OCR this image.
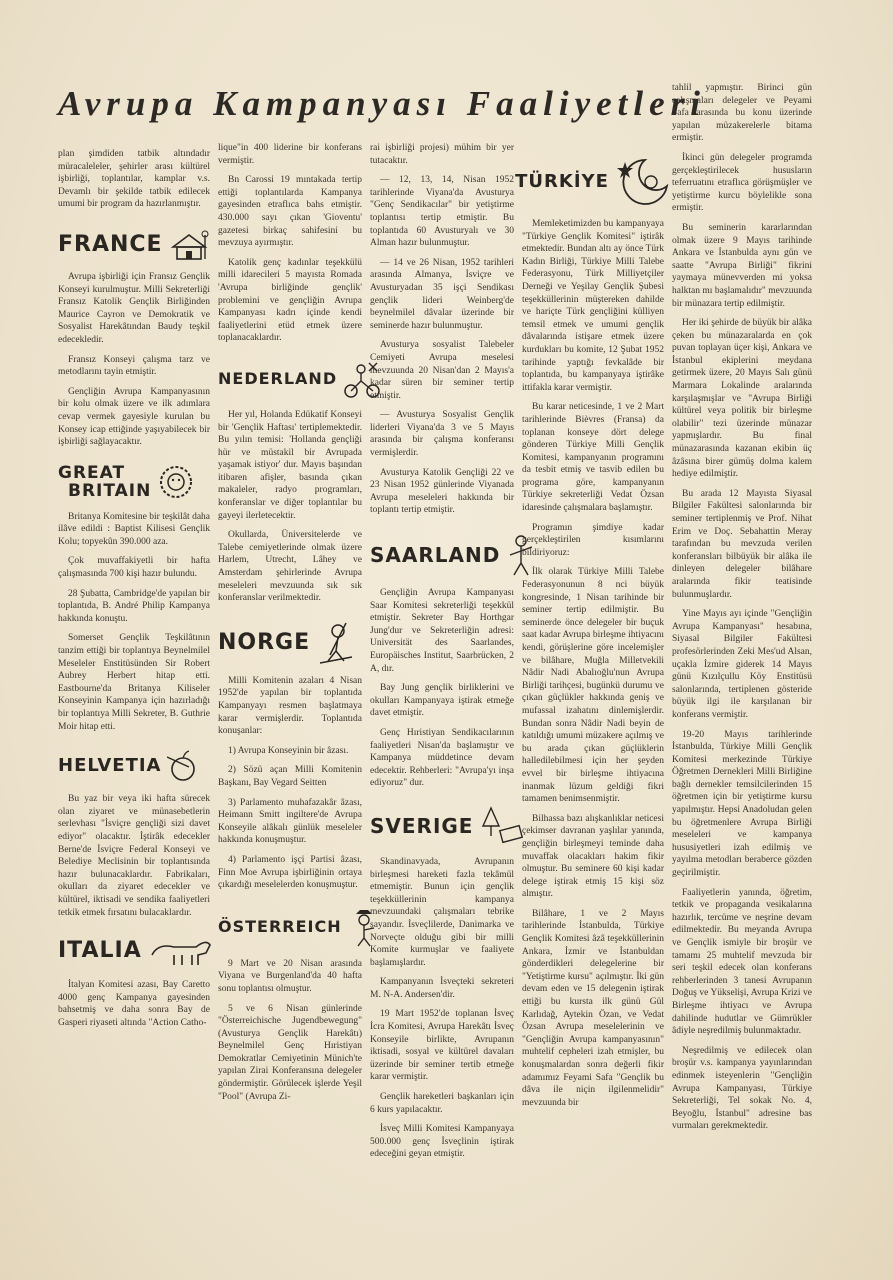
Avrupa Kampanyası Faaliyetleri

plan şimdiden tatbik altındadır müracaleleler, şehirler arası kültürel işbirliği, toplantılar, kamplar v.s. Devamlı bir şekilde tatbik edilecek umumi bir program da hazırlanmıştır.

FRANCE

Avrupa işbirliği için Fransız Gençlik Konseyi kurulmuştur. Milli Sekreterliği Fransız Katolik Gençlik Birliğinden Maurice Cayron ve Demokratik ve Sosyalist Harekâtından Baudy teşkil edecekledir.

Fransız Konseyi çalışma tarz ve metodlarını tayin etmiştir.

Gençliğin Avrupa Kampanyasının bir kolu olmak üzere ve ilk adımlara cevap vermek gayesiyle kurulan bu Konsey icap ettiğinde yaşıyabilecek bir işbirliği sağlayacaktır.

GREAT
BRITAIN

Britanya Komitesine bir teşkilât daha ilâve edildi : Baptist Kilisesi Gençlik Kolu; topyekûn 390.000 aza.

Çok muvaffakiyetli bir hafta çalışmasında 700 kişi hazır bulundu.

28 Şubatta, Cambridge'de yapılan bir toplantıda, B. André Philip Kampanya hakkında konuştu.

Somerset Gençlik Teşkilâtının tanzim ettiği bir toplantıya Beynelmilel Meseleler Enstitüsünden Sir Robert Aubrey Herbert hitap etti. Eastbourne'da Britanya Kiliseler Konseyinin Kampanya için hazırladığı bir toplantıya Milli Sekreter, B. Guthrie Moir hitap etti.

HELVETIA

Bu yaz bir veya iki hafta sürecek olan ziyaret ve münasebetlerin serlevhası "İsviçre gençliği sizi davet ediyor" olacaktır. İştirâk edecekler Berne'de İsviçre Federal Konseyi ve Belediye Meclisinin bir toplantısında hazır bulunacaklardır. Fabrikaları, okulları da ziyaret edecekler ve kültürel, iktisadi ve sendika faaliyetleri tetkik etmek fırsatını bulacaklardır.

ITALIA

İtalyan Komitesi azası, Bay Caretto 4000 genç Kampanya gayesinden bahsetmiş ve daha sonra Bay de Gasperi riyaseti altında "Action Catho-

lique"in 400 liderine bir konferans vermiştir.

Bn Carossi 19 mıntakada tertip ettiği toplantılarda Kampanya gayesinden etraflıca bahs etmiştir. 430.000 sayı çıkan 'Gioventu' gazetesi birkaç sahifesini bu mevzuya ayırmıştır.

Katolik genç kadınlar teşekkülü milli idarecileri 5 mayısta Romada 'Avrupa birliğinde gençlik' problemini ve gençliğin Avrupa Kampanyası kadrı içinde kendi faaliyetlerini etüd etmek üzere toplanacaklardır.

NEDERLAND

Her yıl, Holanda Edükatif Konseyi bir 'Gençlik Haftası' tertiplemektedir. Bu yılın temisi: 'Hollanda gençliği hür ve müstakil bir Avrupada yaşamak istiyor' dur. Mayıs başından itibaren afişler, basında çıkan makaleler, radyo programları, konferanslar ve diğer toplantılar bu gayeyi ilerletecektir.

Okullarda, Üniversitelerde ve Talebe cemiyetlerinde olmak üzere Harlem, Utrecht, Lâhey ve Amsterdam şehirlerinde Avrupa meseleleri mevzuunda sık sık konferanslar verilmektedir.

NORGE

Milli Komitenin azaları 4 Nisan 1952'de yapılan bir toplantıda Kampanyayı resmen başlatmaya karar vermişlerdir. Toplantıda konuşanlar:

1) Avrupa Konseyinin bir âzası.

2) Sözü açan Milli Komitenin Başkanı, Bay Vegard Seitten

3) Parlamento muhafazakâr âzası, Heimann Smitt ingiltere'de Avrupa Konseyile alâkalı günlük meseleler hakkında konuşmuştur.

4) Parlamento işçi Partisi âzası, Finn Moe Avrupa işbirliğinin ortaya çıkardığı meselelerden konuşmuştur.

ÖSTERREICH

9 Mart ve 20 Nisan arasında Viyana ve Burgenland'da 40 hafta sonu toplantısı olmuştur.

5 ve 6 Nisan günlerinde "Österreichische Jugendbewegung" (Avusturya Gençlik Harekâtı) Beynelmilel Genç Hıristiyan Demokratlar Cemiyetinin Münich'te yapılan Zirai Konferansına delegeler göndermiştir. Görülecek işlerde Yeşil "Pool" (Avrupa Zi-

rai işbirliği projesi) mühim bir yer tutacaktır.

— 12, 13, 14, Nisan 1952 tarihlerinde Viyana'da Avusturya "Genç Sendikacılar" bir yetiştirme toplantısı tertip etmiştir. Bu toplantıda 60 Avusturyalı ve 30 Alman hazır bulunmuştur.

— 14 ve 26 Nisan, 1952 tarihleri arasında Almanya, İsviçre ve Avusturyadan 35 işçi Sendikası gençlik lideri Weinberg'de beynelmilel dâvalar üzerinde bir seminerde hazır bulunmuştur.

Avusturya sosyalist Talebeler Cemiyeti Avrupa meselesi mevzuunda 20 Nisan'dan 2 Mayıs'a kadar süren bir seminer tertip etmiştir.

— Avusturya Sosyalist Gençlik liderleri Viyana'da 3 ve 5 Mayıs arasında bir çalışma konferansı vermişlerdir.

Avusturya Katolik Gençliği 22 ve 23 Nisan 1952 günlerinde Viyanada Avrupa meseleleri hakkında bir toplantı tertip etmiştir.

SAARLAND

Gençliğin Avrupa Kampanyası Saar Komitesi sekreterliği teşekkül etmiştir. Sekreter Bay Horthgar Jung'dur ve Sekreterliğin adresi: Universität des Saarlandes, Europäisches Institut, Saarbrücken, 2 A, dır.

Bay Jung gençlik birliklerini ve okulları Kampanyaya iştirak etmeğe davet etmiştir.

Genç Hıristiyan Sendikacılarının faaliyetleri Nisan'da başlamıştır ve Kampanya müddetince devam edecektir. Rehberleri: "Avrupa'yı inşa ediyoruz" dur.

SVERIGE

Skandinavyada, Avrupanın birleşmesi hareketi fazla tekâmül etmemiştir. Bunun için gençlik teşekküllerinin kampanya mevzuundaki çalışmaları tebrike şayandır. İsveçlilerde, Danimarka ve Norveçte olduğu gibi bir milli Komite kurmuşlar ve faaliyete başlamışlardır.

Kampanyanın İsveçteki sekreteri M. N-A. Andersen'dir.

19 Mart 1952'de toplanan İsveç İcra Komitesi, Avrupa Harekâtı İsveç Konseyile birlikte, Avrupanın iktisadi, sosyal ve kültürel davaları üzerinde bir seminer tertib etmeğe karar vermiştir.

Gençlik hareketleri başkanları için 6 kurs yapılacaktır.

İsveç Milli Komitesi Kampanyaya 500.000 genç İsveçlinin iştirak edeceğini geyan etmiştir.

TÜRKİYE

Memleketimizden bu kampanyaya "Türkiye Gençlik Komitesi" iştirâk etmektedir. Bundan altı ay önce Türk Kadın Birliği, Türkiye Milli Talebe Federasyonu, Türk Milliyetçiler Derneği ve Yeşilay Gençlik Şubesi teşekküllerinin müştereken dahilde ve hariçte Türk gençliğini külliyen temsil etmek ve umumi gençlik dâvalarında istişare etmek üzere kurdukları bu komite, 12 Şubat 1952 tarihinde yaptığı fevkalâde bir toplantıda, bu kampanyaya iştirâke ittifakla karar vermiştir.

Bu karar neticesinde, 1 ve 2 Mart tarihlerinde Bièvres (Fransa) da toplanan konseye dört delege gönderen Türkiye Milli Gençlik Komitesi, kampanyanın programını da tesbit etmiş ve tasvib edilen bu programa göre, kampanyanın Türkiye sekreterliği Vedat Özsan idaresinde çalışmalara başlamıştır.

Programın şimdiye kadar gerçekleştirilen kısımlarını bildiriyoruz:

İlk olarak Türkiye Milli Talebe Federasyonunun 8 nci büyük kongresinde, 1 Nisan tarihinde bir seminer tertip edilmiştir. Bu seminerde önce delegeler bir buçuk saat kadar Avrupa birleşme ihtiyacını kendi, görüşlerine göre incelemişler ve bilâhare, Muğla Milletvekili Nâdir Nadi Abalıoğlu'nun Avrupa Birliği tarihçesi, bugünkü durumu ve çıkan güçlükler hakkında geniş ve mufassal izahatını dinlemişlerdir. Bundan sonra Nâdir Nadi beyin de katıldığı umumi müzakere açılmış ve bu arada çıkan güçlüklerin halledilebilmesi için her şeyden evvel bir birleşme ihtiyacına inanmak lüzum geldiği fikri tamamen benimsenmiştir.

Bilhassa bazı alışkanlıklar neticesi çekimser davranan yaşlılar yanında, gençliğin birleşmeyi teminde daha muvaffak olacakları hakim fikir olmuştur. Bu seminere 60 kişi kadar delege iştirak etmiş 15 kişi söz almıştır.

Bilâhare, 1 ve 2 Mayıs tarihlerinde İstanbulda, Türkiye Gençlik Komitesi âzâ teşekküllerinin Ankara, İzmir ve İstanbuldan gönderdikleri delegelerine bir "Yetiştirme kursu" açılmıştır. İki gün devam eden ve 15 delegenin iştirak ettiği bu kursta ilk günü Gül Karlıdağ, Aytekin Özan, ve Vedat Özsan Avrupa meselelerinin ve "Gençliğin Avrupa kampanyasının" muhtelif cepheleri izah etmişler, bu konuşmalardan sonra değerli fikir adamımız Feyami Safa "Gençlik bu dâva ile niçin ilgilenmelidir" mevzuunda bir

tahlil yapmıştır. Birinci gün çalışmaları delegeler ve Peyami Safa arasında bu konu üzerinde yapılan müzakerelerle bitama ermiştir.

İkinci gün delegeler programda gerçekleştirilecek hususların teferruatını etraflıca görüşmüşler ve yetiştirme kurcu böylelikle sona ermiştir.

Bu seminerin kararlarından olmak üzere 9 Mayıs tarihinde Ankara ve İstanbulda aynı gün ve saatte "Avrupa Birliği" fikrini yaymaya münevverden mi yoksa halktan mı başlamalıdır" mevzuunda bir münazara tertip edilmiştir.

Her iki şehirde de büyük bir alâka çeken bu münazaralarda en çok puvan toplayan üçer kişi, Ankara ve İstanbul ekiplerini meydana getirmek üzere, 20 Mayıs Salı günü Marmara Lokalinde aralarında karşılaşmışlar ve "Avrupa Birliği kültürel veya politik bir birleşme olabilir" tezi üzerinde münazar yapmışlardır. Bu final münazarasında kazanan ekibin üç âzâsına birer gümüş dolma kalem hediye edilmiştir.

Bu arada 12 Mayısta Siyasal Bilgiler Fakültesi salonlarında bir seminer tertiplenmiş ve Prof. Nihat Erim ve Doç. Sebahattin Meray tarafından bu mevzuda verilen konferansları bilbüyük bir alâka ile dinleyen delegeler bilâhare aralarında fikir teatisinde bulunmuşlardır.

Yine Mayıs ayı içinde "Gençliğin Avrupa Kampanyası" hesabına, Siyasal Bilgiler Fakültesi profesörlerinden Zeki Mes'ud Alsan, uçakla İzmire giderek 14 Mayıs günü Kızılçullu Köy Enstitüsü salonlarında, tertiplenen gösteride büyük ilgi ile karşılanan bir konferans vermiştir.

19-20 Mayıs tarihlerinde İstanbulda, Türkiye Milli Gençlik Komitesi merkezinde Türkiye Öğretmen Dernekleri Milli Birliğine bağlı dernekler temsilcilerinden 15 öğretmen için bir yetiştirme kursu yapılmıştır. Hepsi Anadoludan gelen bu öğretmenlere Avrupa Birliği meseleleri ve kampanya hususiyetleri izah edilmiş ve yayılma metodları beraberce gözden geçirilmiştir.

Faaliyetlerin yanında, öğretim, tetkik ve propaganda vesikalarına hazırlık, tercüme ve neşrine devam edilmektedir. Bu meyanda Avrupa ve Gençlik ismiyle bir broşür ve tamamı 25 muhtelif mevzuda bir seri teşkil edecek olan konferans rehberlerinden 3 tanesi Avrupanın Doğuş ve Yükselişi, Avrupa Krizi ve Birleşme ihtiyacı ve Avrupa dahilinde hudutlar ve Gümrükler âdiyle neşredilmiş bulunmaktadır.

Neşredilmiş ve edilecek olan broşür v.s. kampanya yayınlarından edinmek isteyenlerin "Gençliğin Avrupa Kampanyası, Türkiye Sekreterliği, Tel sokak No. 4, Beyoğlu, İstanbul" adresine bas vurmaları gerekmektedir.
